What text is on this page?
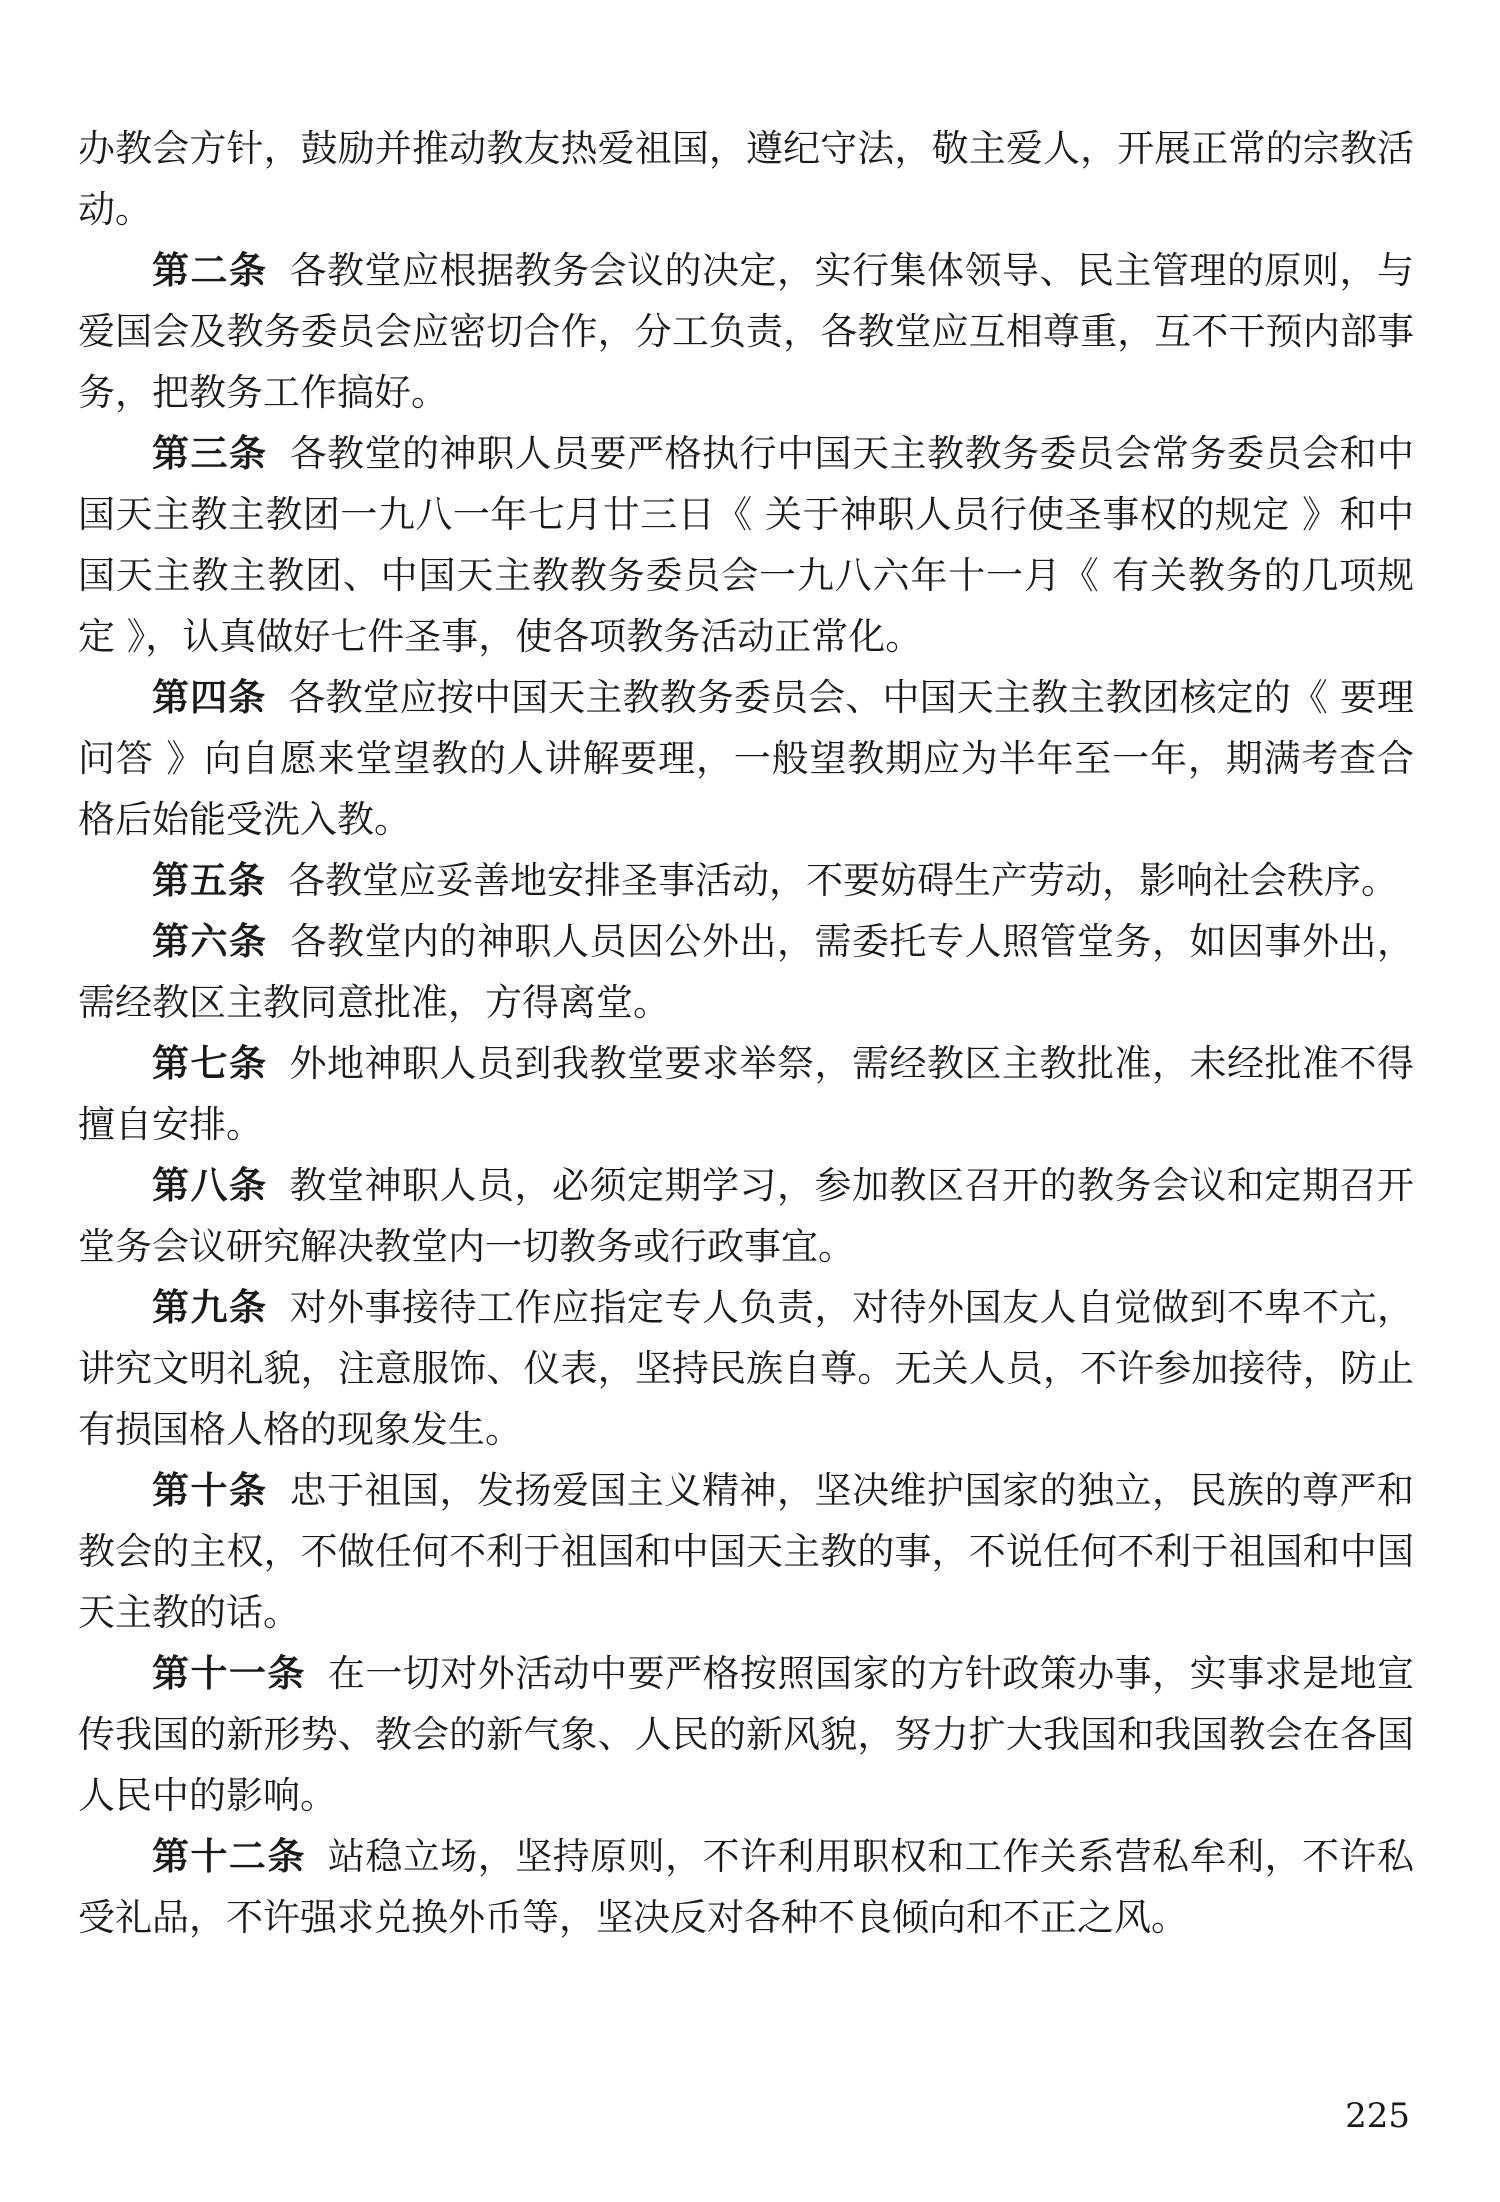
办教会方针，鼓励并推动教友热爱祖国，遵纪守法，敬主爱人，开展正常的宗教活动。

第二条 各教堂应根据教务会议的决定，实行集体领导、民主管理的原则，与爱国会及教务委员会应密切合作，分工负责，各教堂应互相尊重，互不干预内部事务，把教务工作搞好。

第三条 各教堂的神职人员要严格执行中国天主教教务委员会常务委员会和中国天主教主教团一九八一年七月廿三日《 关于神职人员行使圣事权的规定 》和中国天主教主教团、中国天主教教务委员会一九八六年十一月《 有关教务的几项规定 》，认真做好七件圣事，使各项教务活动正常化。

第四条 各教堂应按中国天主教教务委员会、中国天主教主教团核定的《 要理问答 》向自愿来堂望教的人讲解要理，一般望教期应为半年至一年，期满考查合格后始能受洗入教。

第五条 各教堂应妥善地安排圣事活动，不要妨碍生产劳动，影响社会秩序。

第六条 各教堂内的神职人员因公外出，需委托专人照管堂务，如因事外出，需经教区主教同意批准，方得离堂。

第七条 外地神职人员到我教堂要求举祭，需经教区主教批准，未经批准不得擅自安排。

第八条 教堂神职人员，必须定期学习，参加教区召开的教务会议和定期召开堂务会议研究解决教堂内一切教务或行政事宜。

第九条 对外事接待工作应指定专人负责，对待外国友人自觉做到不卑不亢，讲究文明礼貌，注意服饰、仪表，坚持民族自尊。无关人员，不许参加接待，防止有损国格人格的现象发生。

第十条 忠于祖国，发扬爱国主义精神，坚决维护国家的独立，民族的尊严和教会的主权，不做任何不利于祖国和中国天主教的事，不说任何不利于祖国和中国天主教的话。

第十一条 在一切对外活动中要严格按照国家的方针政策办事，实事求是地宣传我国的新形势、教会的新气象、人民的新风貌，努力扩大我国和我国教会在各国人民中的影响。

第十二条 站稳立场，坚持原则，不许利用职权和工作关系营私牟利，不许私受礼品，不许强求兑换外币等，坚决反对各种不良倾向和不正之风。

225
